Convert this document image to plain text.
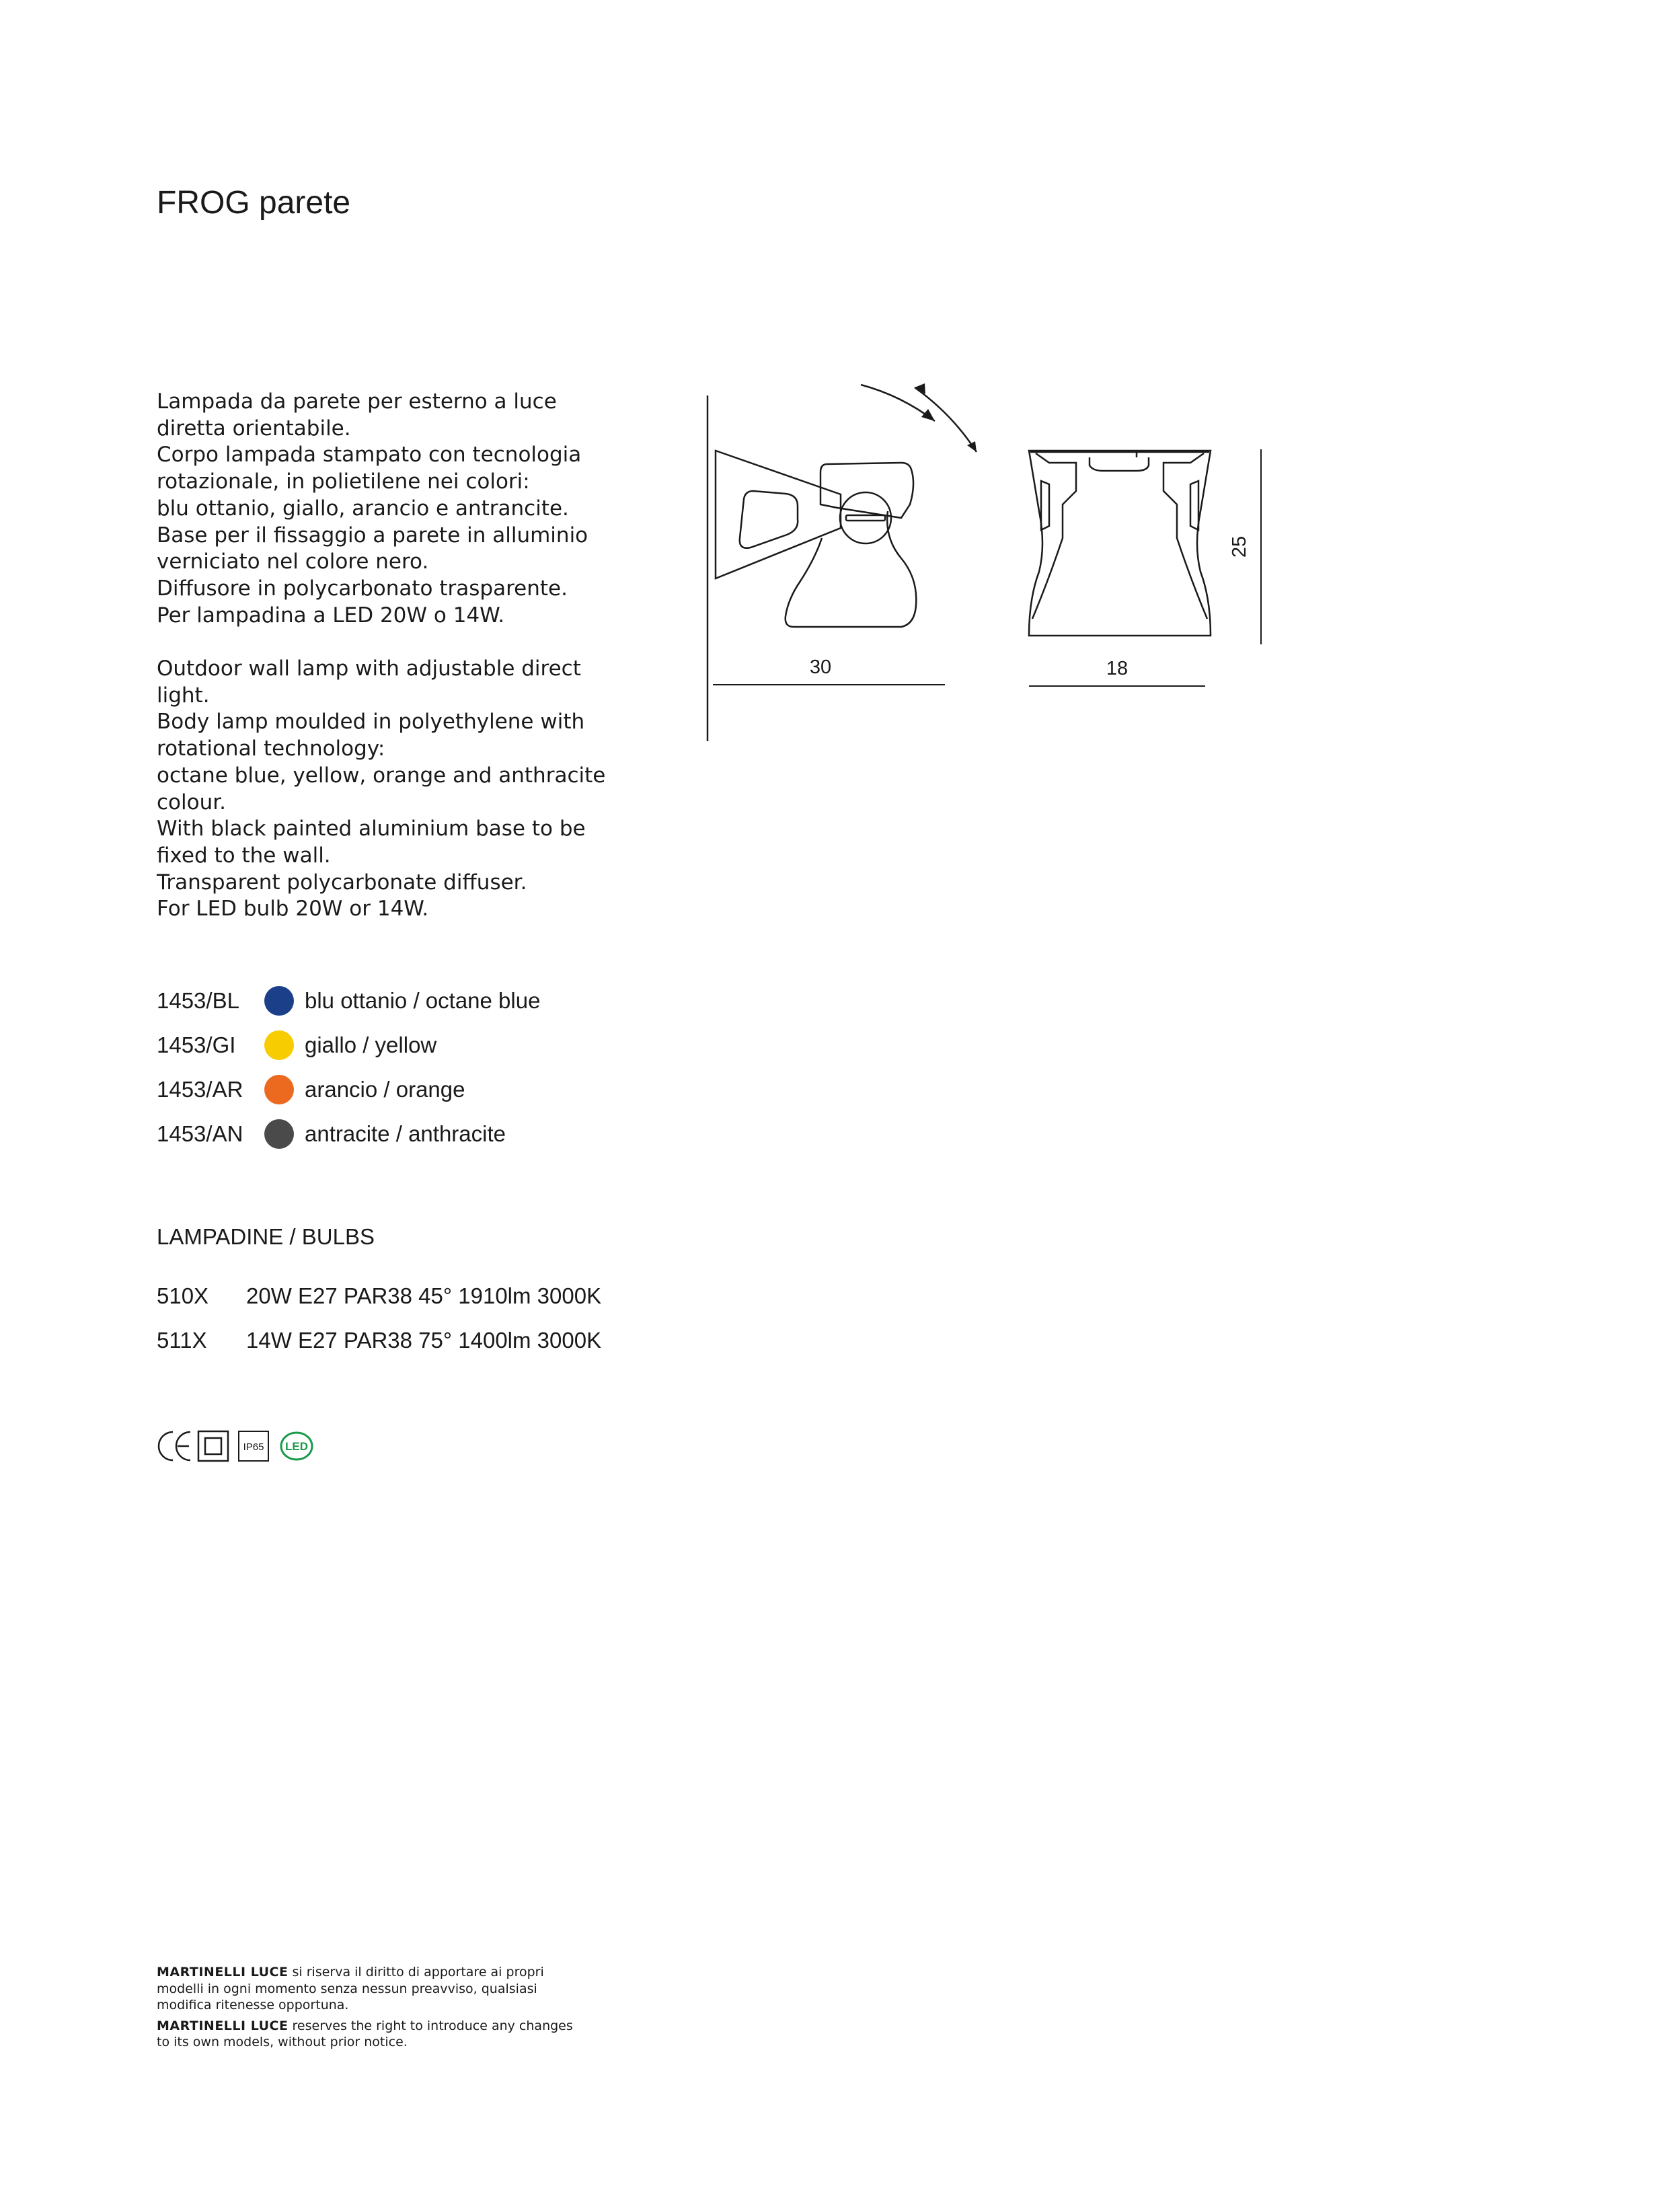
FROG parete

Lampada da parete per esterno a luce

diretta orientabile.

Corpo lampada stampato con tecnologia

rotazionale, in polietilene nei colori:

blu ottanio, giallo, arancio e antrancite.

Base per il fissaggio a parete in alluminio

verniciato nel colore nero.

Diffusore in polycarbonato trasparente.

Per lampadina a LED 20W o 14W.

Outdoor wall lamp with adjustable direct

light.

Body lamp moulded in polyethylene with

rotational technology:

octane blue, yellow, orange and anthracite

colour.

With black painted aluminium base to be

fixed to the wall.

Transparent polycarbonate diffuser.

For LED bulb 20W or 14W.

30	18
25
1453/BL	blu ottanio / octane blue
1453/GI	giallo / yellow
1453/AR	arancio / orange
1453/AN	antracite / anthracite
LAMPADINE / BULBS
510X 20W E27 PAR38 45° 1910lm 3000K
511X 14W E27 PAR38 75° 1400lm 3000K
IP65 LED

MARTINELLI LUCE si riserva il diritto di apportare ai propri modelli in ogni momento senza nessun preavviso, qualsiasi modifica ritenesse opportuna.

MARTINELLI LUCE reserves the right to introduce any changes to its own models, without prior notice.
